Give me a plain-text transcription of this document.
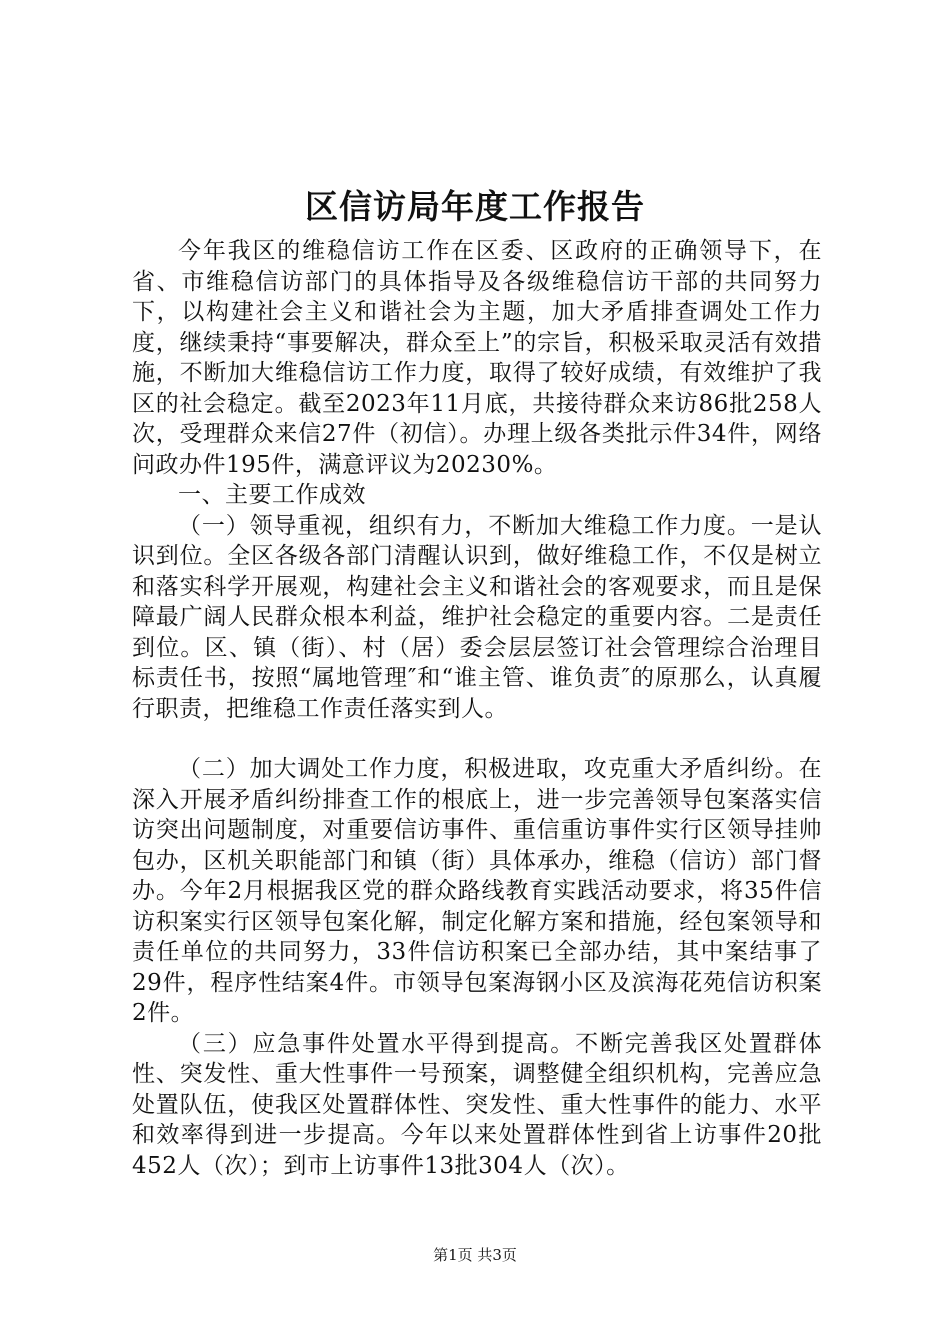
区信访局年度工作报告

今年我区的维稳信访工作在区委、区政府的正确领导下，在省、市维稳信访部门的具体指导及各级维稳信访干部的共同努力下，以构建社会主义和谐社会为主题，加大矛盾排查调处工作力度，继续秉持“事要解决，群众至上”的宗旨，积极采取灵活有效措施，不断加大维稳信访工作力度，取得了较好成绩，有效维护了我区的社会稳定。截至2023年11月底，共接待群众来访86批258人次，受理群众来信27件（初信）。办理上级各类批示件34件，网络问政办件195件，满意评议为20230%。

一、主要工作成效

（一）领导重视，组织有力，不断加大维稳工作力度。一是认识到位。全区各级各部门清醒认识到，做好维稳工作，不仅是树立和落实科学开展观，构建社会主义和谐社会的客观要求，而且是保障最广阔人民群众根本利益，维护社会稳定的重要内容。二是责任到位。区、镇（街）、村（居）委会层层签订社会管理综合治理目标责任书，按照“属地管理″和“谁主管、谁负责″的原那么，认真履行职责，把维稳工作责任落实到人。

（二）加大调处工作力度，积极进取，攻克重大矛盾纠纷。在深入开展矛盾纠纷排查工作的根底上，进一步完善领导包案落实信访突出问题制度，对重要信访事件、重信重访事件实行区领导挂帅包办，区机关职能部门和镇（街）具体承办，维稳（信访）部门督办。今年2月根据我区党的群众路线教育实践活动要求，将35件信访积案实行区领导包案化解，制定化解方案和措施，经包案领导和责任单位的共同努力，33件信访积案已全部办结，其中案结事了29件，程序性结案4件。市领导包案海钢小区及滨海花苑信访积案2件。

（三）应急事件处置水平得到提高。不断完善我区处置群体性、突发性、重大性事件一号预案，调整健全组织机构，完善应急处置队伍，使我区处置群体性、突发性、重大性事件的能力、水平和效率得到进一步提高。今年以来处置群体性到省上访事件20批452人（次）；到市上访事件13批304人（次）。

第1页 共3页
